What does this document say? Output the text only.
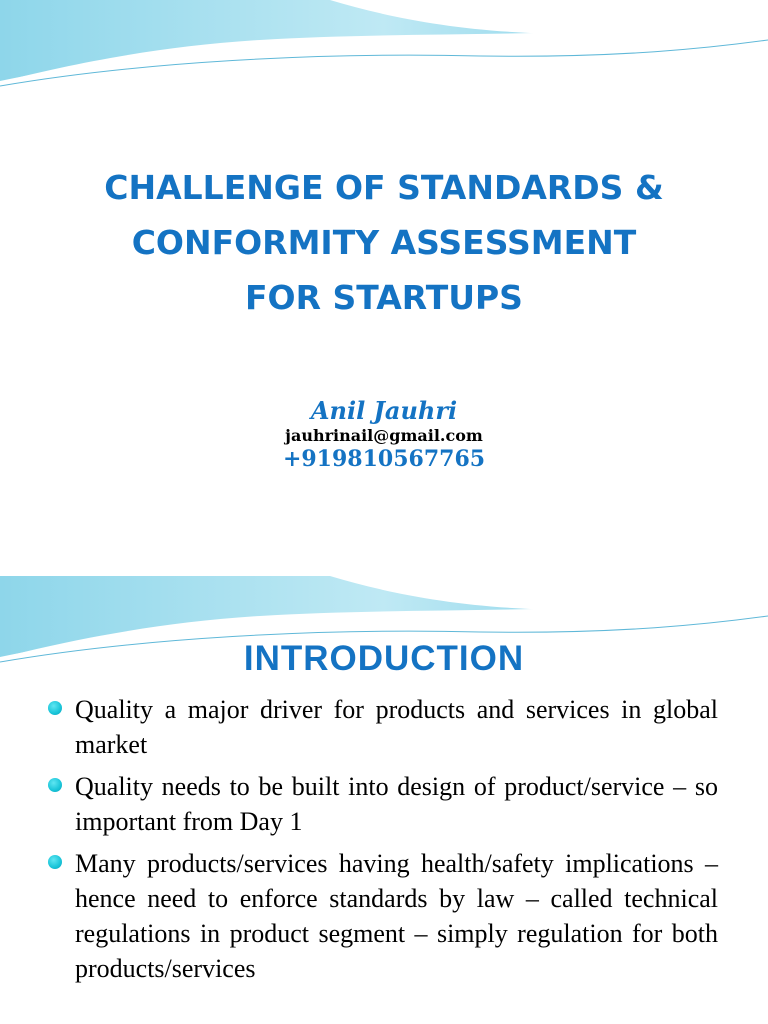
CHALLENGE OF STANDARDS &
CONFORMITY ASSESSMENT
FOR STARTUPS
Anil Jauhri
jauhrinail@gmail.com
+919810567765
INTRODUCTION
Quality a major driver for products and services in global market
Quality needs to be built into design of product/service – so important from Day 1
Many products/services having health/safety implications – hence need to enforce standards by law – called technical regulations in product segment – simply regulation for both products/services
